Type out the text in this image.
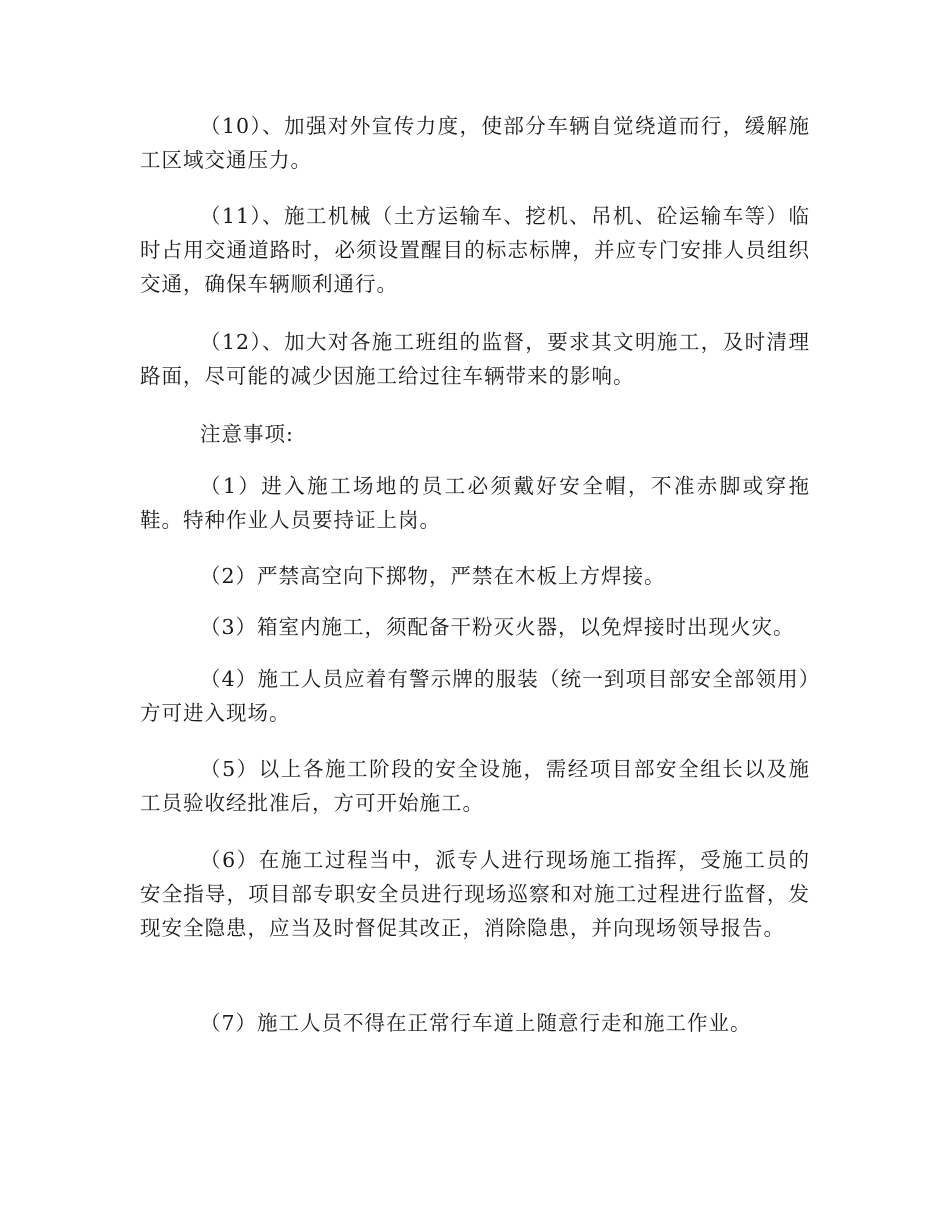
（10）、加强对外宣传力度，使部分车辆自觉绕道而行，缓解施工区域交通压力。

（11）、施工机械（土方运输车、挖机、吊机、砼运输车等）临时占用交通道路时，必须设置醒目的标志标牌，并应专门安排人员组织交通，确保车辆顺利通行。

（12）、加大对各施工班组的监督，要求其文明施工，及时清理路面，尽可能的减少因施工给过往车辆带来的影响。

注意事项:

（1）进入施工场地的员工必须戴好安全帽，不准赤脚或穿拖鞋。特种作业人员要持证上岗。

（2）严禁高空向下掷物，严禁在木板上方焊接。

（3）箱室内施工，须配备干粉灭火器，以免焊接时出现火灾。

（4）施工人员应着有警示牌的服装（统一到项目部安全部领用）方可进入现场。

（5）以上各施工阶段的安全设施，需经项目部安全组长以及施工员验收经批准后，方可开始施工。

（6）在施工过程当中，派专人进行现场施工指挥，受施工员的安全指导，项目部专职安全员进行现场巡察和对施工过程进行监督，发现安全隐患，应当及时督促其改正，消除隐患，并向现场领导报告。

（7）施工人员不得在正常行车道上随意行走和施工作业。
